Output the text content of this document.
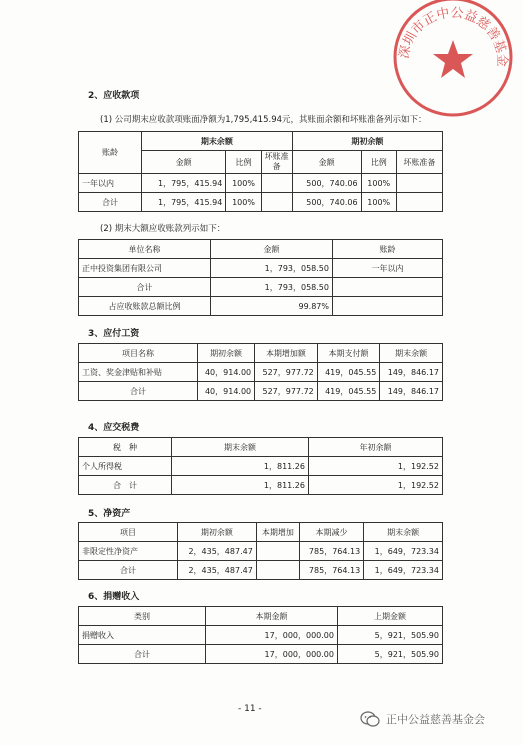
深圳市正中公益慈善基金
2、应收款项
(1) 公司期末应收款项账面净额为1,795,415.94元，其账面余额和坏账准备列示如下：
账龄	期末余额			期初余额		
	金额	比例	坏账准备	金额	比例	坏账准备
一年以内	1，795，415.94	100%		500，740.06	100%	
合计	1，795，415.94	100%		500，740.06	100%	
(2) 期末大额应收账款列示如下：
单位名称	金额	账龄
正中投资集团有限公司	1，793，058.50	一年以内
合计	1，793，058.50	
占应收账款总额比例	99.87%	
3、应付工资
项目名称	期初余额	本期增加额	本期支付额	期末余额
工资、奖金津贴和补贴	40，914.00	527，977.72	419，045.55	149，846.17
合计	40，914.00	527，977.72	419，045.55	149，846.17
4、应交税费
税　种	期末余额	年初余额
个人所得税	1，811.26	1，192.52
合　计	1，811.26	1，192.52
5、净资产
项目	期初余额	本期增加	本期减少	期末余额
非限定性净资产	2，435，487.47		785，764.13	1，649，723.34
合计	2，435，487.47		785，764.13	1，649，723.34
6、捐赠收入
类别	本期金额	上期金额
捐赠收入	17，000，000.00	5，921，505.90
合计	17，000，000.00	5，921，505.90
- 11 -
正中公益慈善基金会
